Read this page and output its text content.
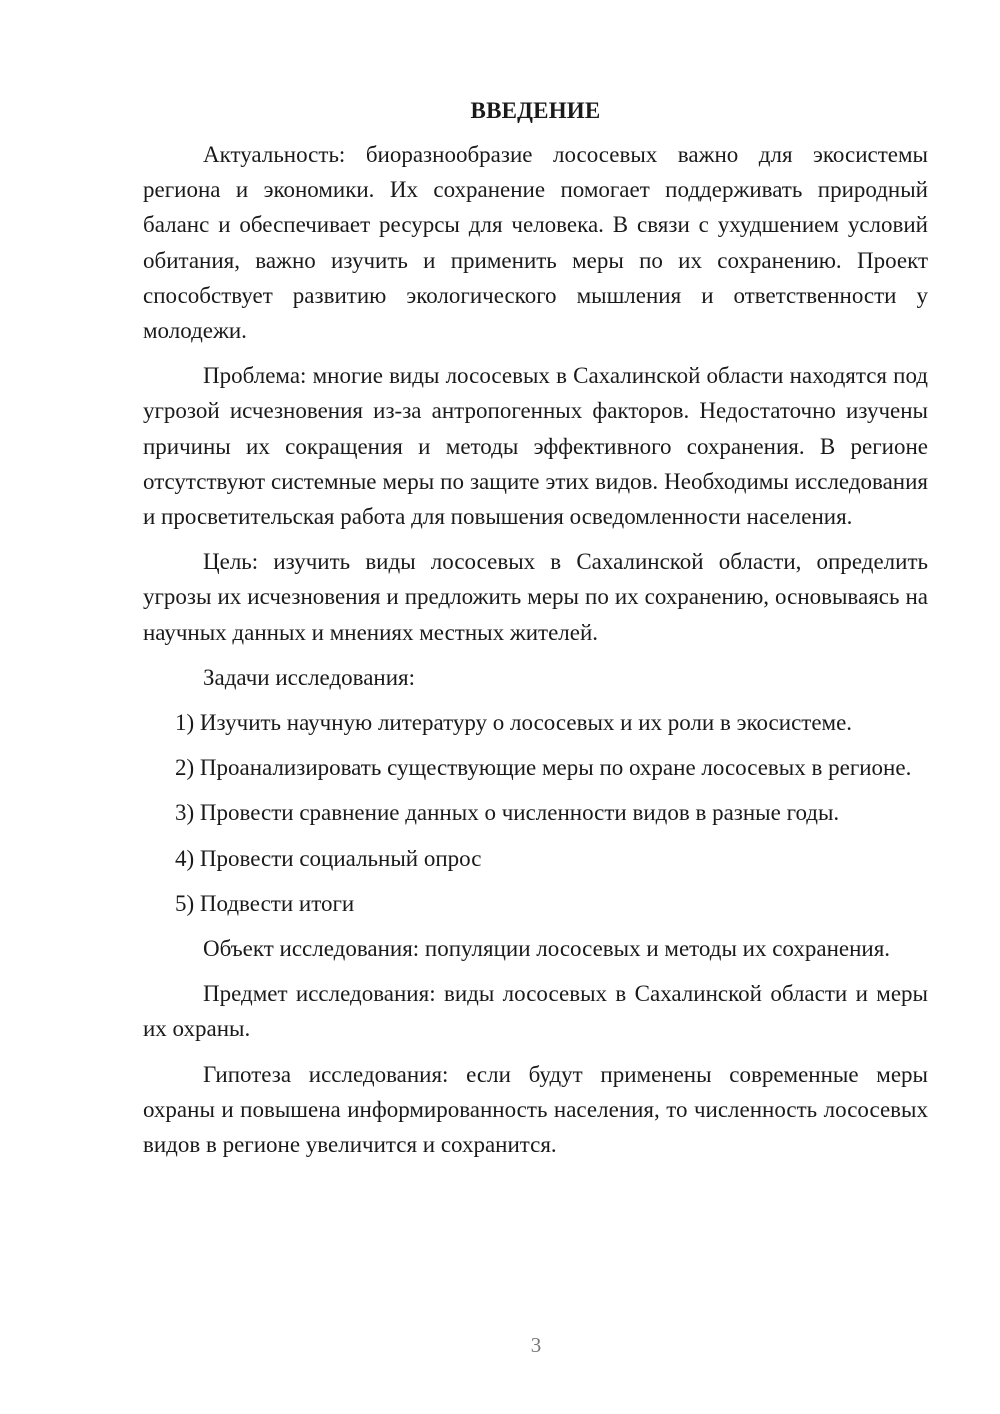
ВВЕДЕНИЕ

Актуальность: биоразнообразие лососевых важно для экосистемы региона и экономики. Их сохранение помогает поддерживать природный баланс и обеспечивает ресурсы для человека. В связи с ухудшением условий обитания, важно изучить и применить меры по их сохранению. Проект способствует развитию экологического мышления и ответственности у молодежи.

Проблема: многие виды лососевых в Сахалинской области находятся под угрозой исчезновения из-за антропогенных факторов. Недостаточно изучены причины их сокращения и методы эффективного сохранения. В регионе отсутствуют системные меры по защите этих видов. Необходимы исследования и просветительская работа для повышения осведомленности населения.

Цель: изучить виды лососевых в Сахалинской области, определить угрозы их исчезновения и предложить меры по их сохранению, основываясь на научных данных и мнениях местных жителей.

Задачи исследования:

1) Изучить научную литературу о лососевых и их роли в экосистеме.

2) Проанализировать существующие меры по охране лососевых в регионе.

3) Провести сравнение данных о численности видов в разные годы.

4) Провести социальный опрос

5) Подвести итоги

Объект исследования: популяции лососевых и методы их сохранения.

Предмет исследования: виды лососевых в Сахалинской области и меры их охраны.

Гипотеза исследования: если будут применены современные меры охраны и повышена информированность населения, то численность лососевых видов в регионе увеличится и сохранится.

3
